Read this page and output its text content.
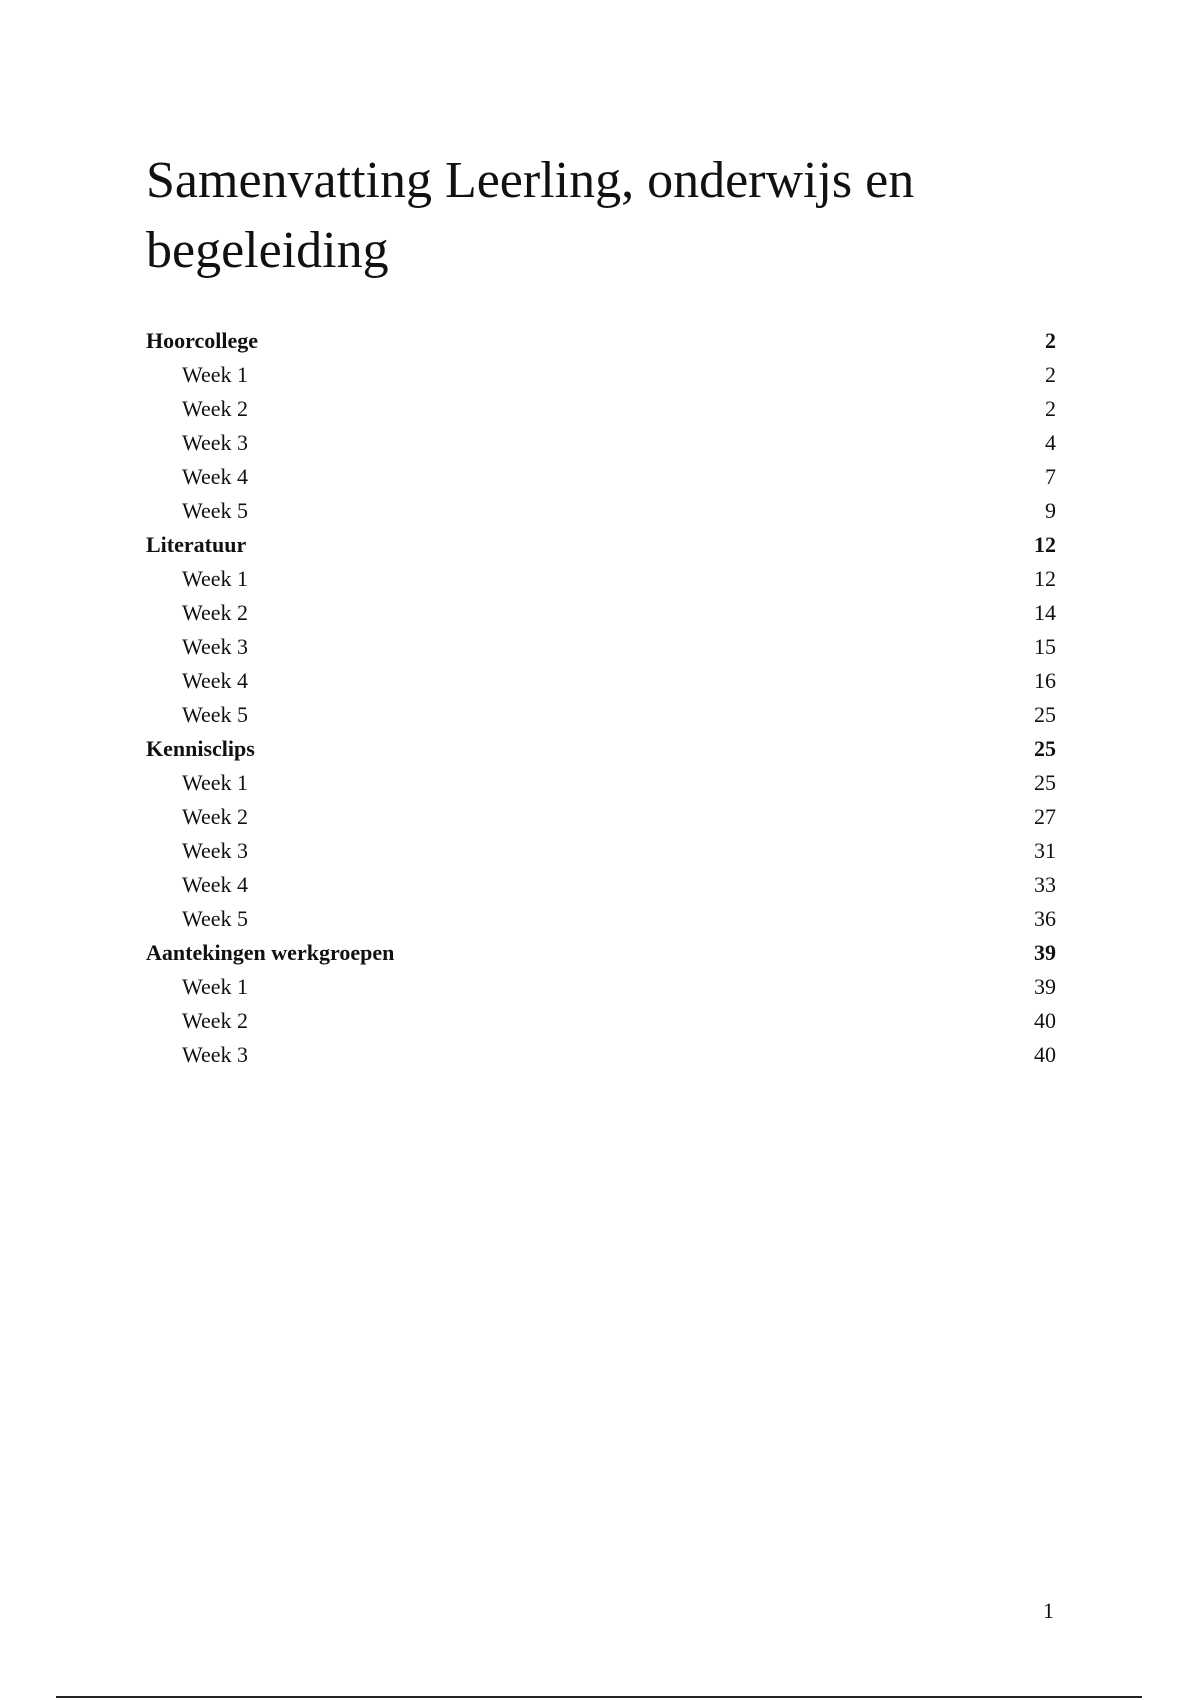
Samenvatting Leerling, onderwijs en begeleiding
Hoorcollege	2
Week 1	2
Week 2	2
Week 3	4
Week 4	7
Week 5	9
Literatuur	12
Week 1	12
Week 2	14
Week 3	15
Week 4	16
Week 5	25
Kennisclips	25
Week 1	25
Week 2	27
Week 3	31
Week 4	33
Week 5	36
Aantekingen werkgroepen	39
Week 1	39
Week 2	40
Week 3	40
1
